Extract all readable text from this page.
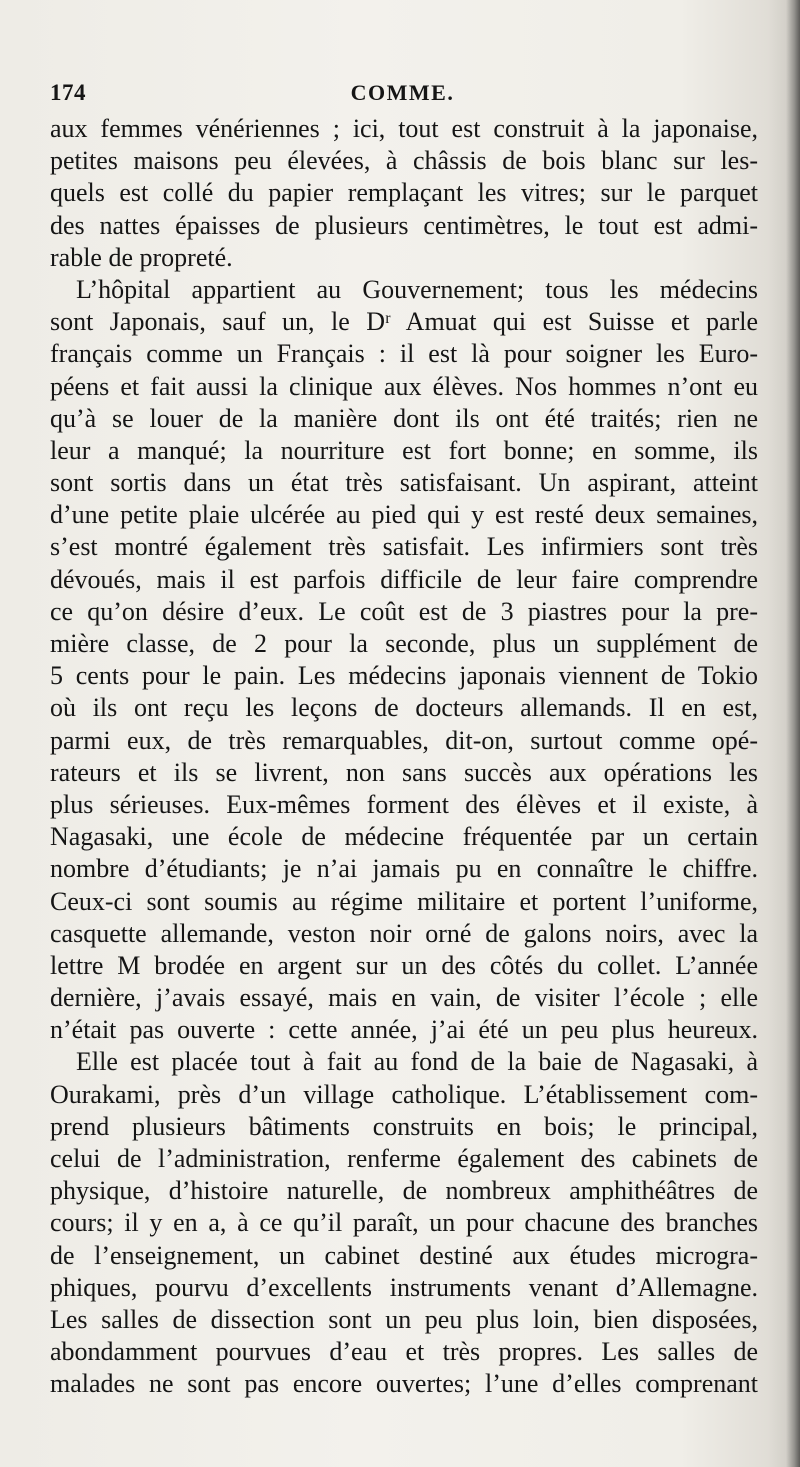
174	COMME.
aux femmes vénériennes ; ici, tout est construit à la japonaise,
petites maisons peu élevées, à châssis de bois blanc sur les-
quels est collé du papier remplaçant les vitres; sur le parquet
des nattes épaisses de plusieurs centimètres, le tout est admi-
rable de propreté.
L’hôpital appartient au Gouvernement; tous les médecins
sont Japonais, sauf un, le Dʳ Amuat qui est Suisse et parle
français comme un Français : il est là pour soigner les Euro-
péens et fait aussi la clinique aux élèves. Nos hommes n’ont eu
qu’à se louer de la manière dont ils ont été traités; rien ne
leur a manqué; la nourriture est fort bonne; en somme, ils
sont sortis dans un état très satisfaisant. Un aspirant, atteint
d’une petite plaie ulcérée au pied qui y est resté deux semaines,
s’est montré également très satisfait. Les infirmiers sont très
dévoués, mais il est parfois difficile de leur faire comprendre
ce qu’on désire d’eux. Le coût est de 3 piastres pour la pre-
mière classe, de 2 pour la seconde, plus un supplément de
5 cents pour le pain. Les médecins japonais viennent de Tokio
où ils ont reçu les leçons de docteurs allemands. Il en est,
parmi eux, de très remarquables, dit-on, surtout comme opé-
rateurs et ils se livrent, non sans succès aux opérations les
plus sérieuses. Eux-mêmes forment des élèves et il existe, à
Nagasaki, une école de médecine fréquentée par un certain
nombre d’étudiants; je n’ai jamais pu en connaître le chiffre.
Ceux-ci sont soumis au régime militaire et portent l’uniforme,
casquette allemande, veston noir orné de galons noirs, avec la
lettre M brodée en argent sur un des côtés du collet. L’année
dernière, j’avais essayé, mais en vain, de visiter l’école ; elle
n’était pas ouverte : cette année, j’ai été un peu plus heureux.
Elle est placée tout à fait au fond de la baie de Nagasaki, à
Ourakami, près d’un village catholique. L’établissement com-
prend plusieurs bâtiments construits en bois; le principal,
celui de l’administration, renferme également des cabinets de
physique, d’histoire naturelle, de nombreux amphithéâtres de
cours; il y en a, à ce qu’il paraît, un pour chacune des branches
de l’enseignement, un cabinet destiné aux études microgra-
phiques, pourvu d’excellents instruments venant d’Allemagne.
Les salles de dissection sont un peu plus loin, bien disposées,
abondamment pourvues d’eau et très propres. Les salles de
malades ne sont pas encore ouvertes; l’une d’elles comprenant
